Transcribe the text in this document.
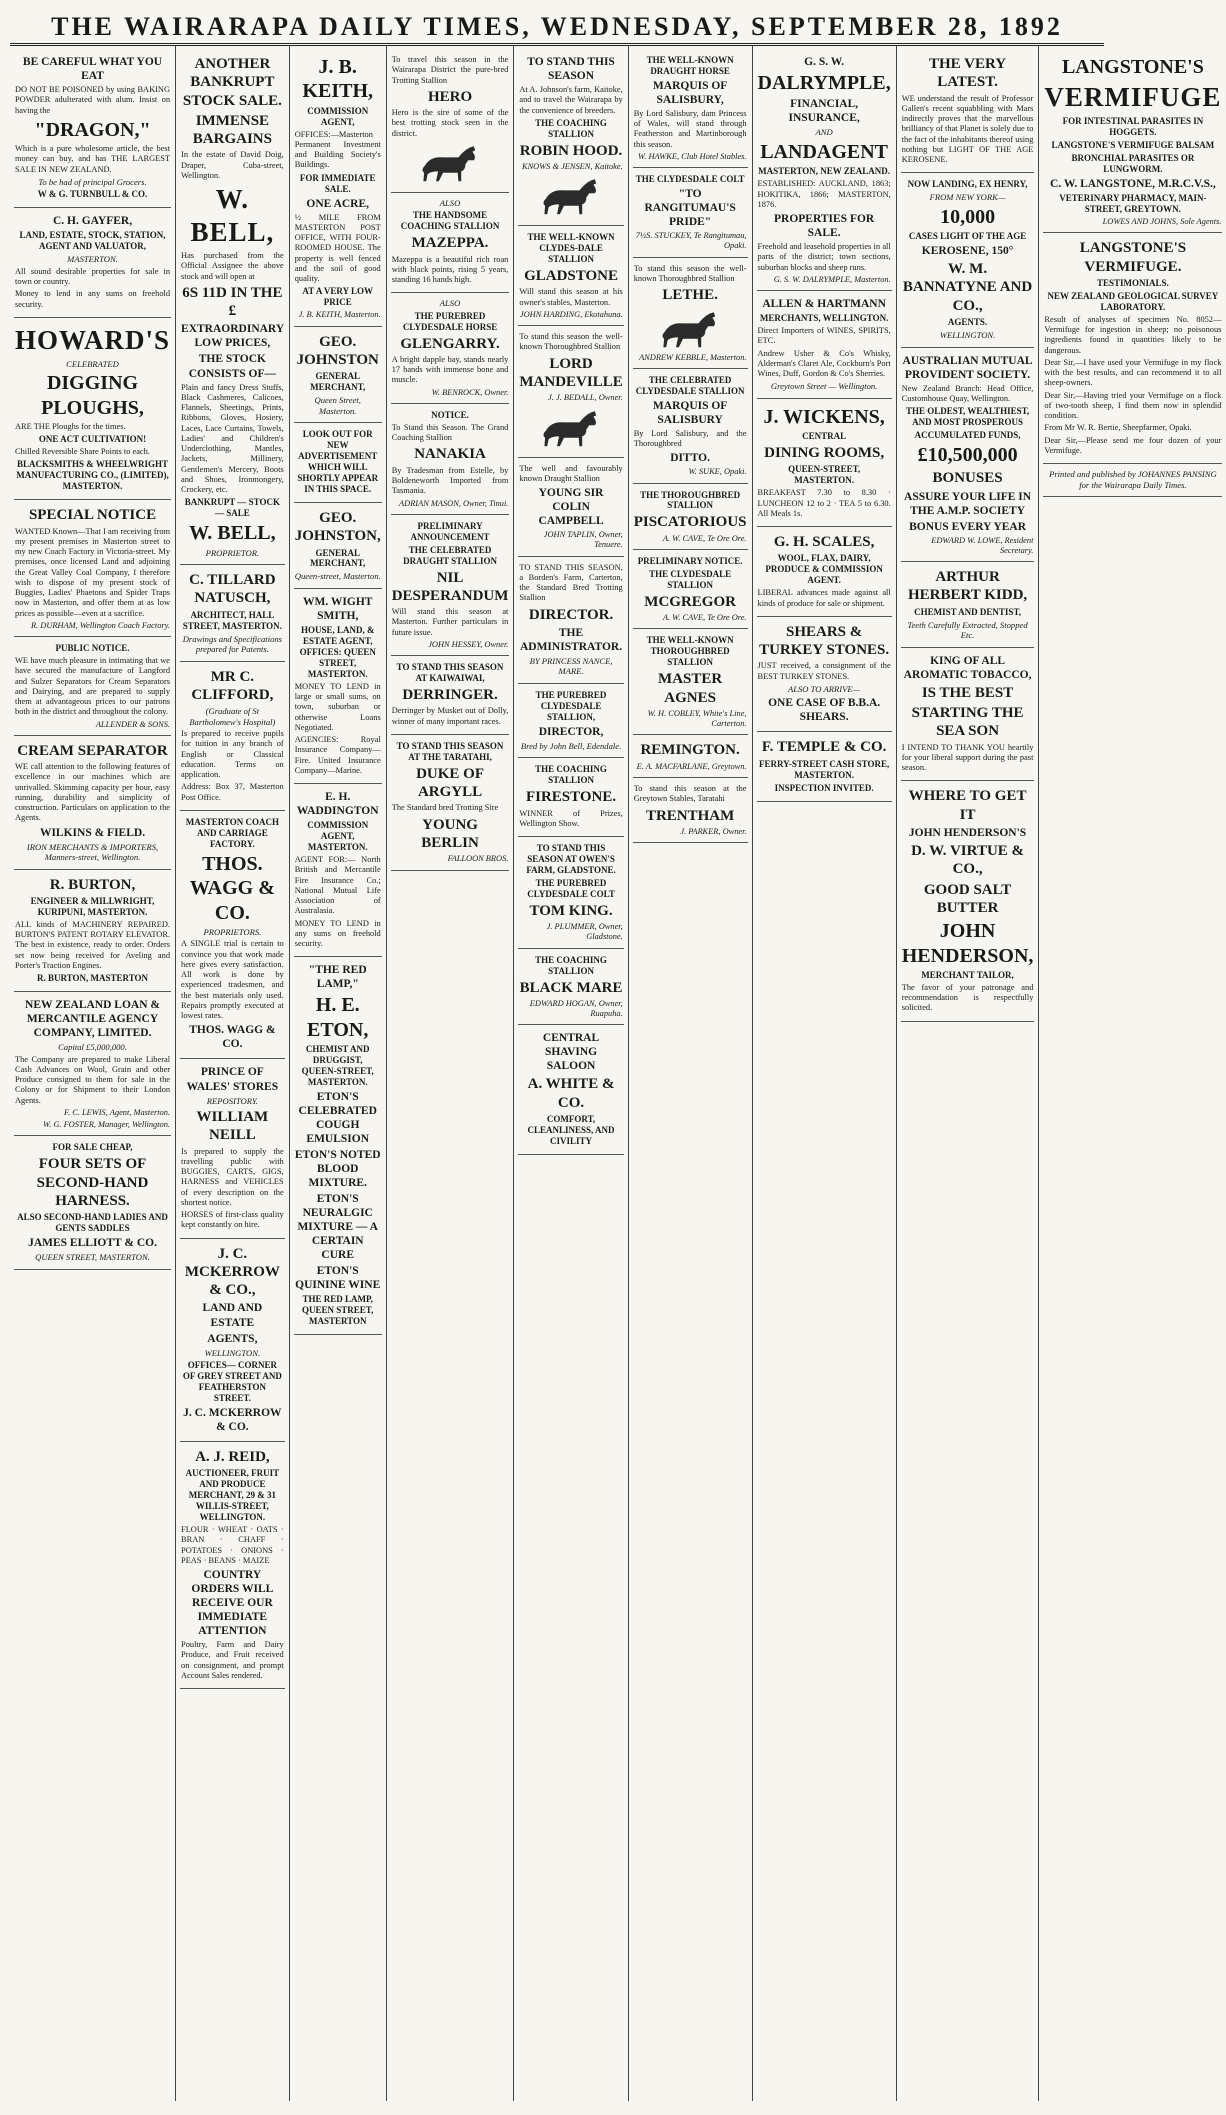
THE WAIRARAPA DAILY TIMES, WEDNESDAY, SEPTEMBER 28, 1892
BE CAREFUL WHAT YOU EAT
DO NOT BE POISONED by using BAKING POWDER adulterated with alum. Insist on having the
"DRAGON,"
Which is a pure wholesome article, the best money can buy, and has THE LARGEST SALE IN NEW ZEALAND.
To be had of principal Grocers.
W & G. TURNBULL & CO.
C. H. GAYFER,
LAND, ESTATE, STOCK, STATION, AGENT AND VALUATOR,
MASTERTON.
All sound desirable properties for sale in town or country.
Money to lend in any sums on freehold security.
HOWARD'S
CELEBRATED
DIGGING PLOUGHS,
ARE THE Ploughs for the times.
ONE ACT CULTIVATION!
Chilled Reversible Share Points to each.
BLACKSMITHS & WHEELWRIGHT MANUFACTURING CO., (LIMITED), MASTERTON.
SPECIAL NOTICE
WANTED Known—That I am receiving from my present premises in Masterton street to my new Coach Factory in Victoria-street. My premises, once licensed Land and adjoining the Great Valley Coal Company, I therefore wish to dispose of my present stock of Buggies, Ladies' Phaetons and Spider Traps now in Masterton, and offer them at as low prices as possible—even at a sacrifice.
R. DURHAM, Wellington Coach Factory.
PUBLIC NOTICE.
WE have much pleasure in intimating that we have secured the manufacture of Langford and Sulzer Separators for Cream Separators and Dairying, and are prepared to supply them at advantageous prices to our patrons both in the district and throughout the colony.
ALLENDER & SONS.
CREAM SEPARATOR
WE call attention to the following features of excellence in our machines which are unrivalled. Skimming capacity per hour, easy running, durability and simplicity of construction. Particulars on application to the Agents.
WILKINS & FIELD.
IRON MERCHANTS & IMPORTERS, Manners-street, Wellington.
R. BURTON,
ENGINEER & MILLWRIGHT, KURIPUNI, MASTERTON.
ALL kinds of MACHINERY REPAIRED. BURTON'S PATENT ROTARY ELEVATOR. The best in existence, ready to order. Orders set now being received for Aveling and Porter's Traction Engines.
R. BURTON, MASTERTON
NEW ZEALAND LOAN & MERCANTILE AGENCY COMPANY, LIMITED.
Capital £5,000,000.
The Company are prepared to make Liberal Cash Advances on Wool, Grain and other Produce consigned to them for sale in the Colony or for Shipment to their London Agents.
F. C. LEWIS, Agent, Masterton.
W. G. FOSTER, Manager, Wellington.
FOR SALE CHEAP,
FOUR SETS OF SECOND-HAND HARNESS.
ALSO SECOND-HAND LADIES AND GENTS SADDLES
JAMES ELLIOTT & CO.
QUEEN STREET, MASTERTON.
ANOTHER BANKRUPT STOCK SALE.
IMMENSE BARGAINS
In the estate of David Doig, Draper, Cuba-street, Wellington.
W. BELL,
Has purchased from the Official Assignee the above stock and will open at
6S 11D IN THE £
EXTRAORDINARY LOW PRICES,
THE STOCK CONSISTS OF—
Plain and fancy Dress Stuffs, Black Cashmeres, Calicoes, Flannels, Sheetings, Prints, Ribbons, Gloves, Hosiery, Laces, Lace Curtains, Towels, Ladies' and Children's Underclothing, Mantles, Jackets, Millinery, Gentlemen's Mercery, Boots and Shoes, Ironmongery, Crockery, etc.
BANKRUPT — STOCK — SALE
W. BELL,
PROPRIETOR.
C. TILLARD NATUSCH,
ARCHITECT, HALL STREET, MASTERTON.
Drawings and Specifications prepared for Patents.
MR C. CLIFFORD,
(Graduate of St Bartholomew's Hospital)
Is prepared to receive pupils for tuition in any branch of English or Classical education. Terms on application.
Address: Box 37, Masterton Post Office.
MASTERTON COACH AND CARRIAGE FACTORY.
THOS. WAGG & CO.
PROPRIETORS.
A SINGLE trial is certain to convince you that work made here gives every satisfaction. All work is done by experienced tradesmen, and the best materials only used. Repairs promptly executed at lowest rates.
THOS. WAGG & CO.
PRINCE OF WALES' STORES
REPOSITORY.
WILLIAM NEILL
Is prepared to supply the travelling public with BUGGIES, CARTS, GIGS, HARNESS and VEHICLES of every description on the shortest notice.
HORSES of first-class quality kept constantly on hire.
J. C. MCKERROW & CO.,
LAND AND ESTATE
AGENTS,
WELLINGTON.
OFFICES— CORNER OF GREY STREET AND FEATHERSTON STREET.
J. C. MCKERROW & CO.
A. J. REID,
AUCTIONEER, FRUIT AND PRODUCE MERCHANT, 29 & 31 WILLIS-STREET, WELLINGTON.
FLOUR · WHEAT · OATS · BRAN · CHAFF · POTATOES · ONIONS · PEAS · BEANS · MAIZE
COUNTRY ORDERS WILL RECEIVE OUR IMMEDIATE ATTENTION
Poultry, Farm and Dairy Produce, and Fruit received on consignment, and prompt Account Sales rendered.
J. B. KEITH,
COMMISSION AGENT,
OFFICES:—Masterton Permanent Investment and Building Society's Buildings.
FOR IMMEDIATE SALE.
ONE ACRE,
½ MILE FROM MASTERTON POST OFFICE, WITH FOUR-ROOMED HOUSE. The property is well fenced and the soil of good quality.
AT A VERY LOW PRICE
J. B. KEITH, Masterton.
GEO. JOHNSTON
GENERAL MERCHANT,
Queen Street, Masterton.
LOOK OUT FOR NEW ADVERTISEMENT WHICH WILL SHORTLY APPEAR IN THIS SPACE.
GEO. JOHNSTON,
GENERAL MERCHANT,
Queen-street, Masterton.
WM. WIGHT SMITH,
HOUSE, LAND, & ESTATE AGENT, OFFICES: QUEEN STREET, MASTERTON.
MONEY TO LEND in large or small sums, on town, suburban or otherwise Loans Negotiated.
AGENCIES: Royal Insurance Company—Fire. United Insurance Company—Marine.
E. H. WADDINGTON
COMMISSION AGENT, MASTERTON.
AGENT FOR:— North British and Mercantile Fire Insurance Co.; National Mutual Life Association of Australasia.
MONEY TO LEND in any sums on freehold security.
"THE RED LAMP,"
H. E. ETON,
CHEMIST AND DRUGGIST, QUEEN-STREET, MASTERTON.
ETON'S CELEBRATED COUGH EMULSION
ETON'S NOTED BLOOD MIXTURE.
ETON'S NEURALGIC MIXTURE — A CERTAIN CURE
ETON'S QUININE WINE
THE RED LAMP, QUEEN STREET, MASTERTON
To travel this season in the Wairarapa District the pure-bred Trotting Stallion
HERO
Hero is the sire of some of the best trotting stock seen in the district.
ALSO
THE HANDSOME COACHING STALLION
MAZEPPA.
Mazeppa is a beautiful rich roan with black points, rising 5 years, standing 16 hands high.
ALSO
THE PUREBRED CLYDESDALE HORSE
GLENGARRY.
A bright dapple bay, stands nearly 17 hands with immense bone and muscle.
W. BENROCK, Owner.
NOTICE.
To Stand this Season. The Grand Coaching Stallion
NANAKIA
By Tradesman from Estelle, by Boldeneworth Imported from Tasmania.
ADRIAN MASON, Owner, Tinui.
PRELIMINARY ANNOUNCEMENT
THE CELEBRATED DRAUGHT STALLION
NIL DESPERANDUM
Will stand this season at Masterton. Further particulars in future issue.
JOHN HESSEY, Owner.
TO STAND THIS SEASON AT KAIWAIWAI,
DERRINGER.
Derringer by Musket out of Dolly, winner of many important races.
TO STAND THIS SEASON AT THE TARATAHI,
DUKE OF ARGYLL
The Standard bred Trotting Sire
YOUNG BERLIN
FALLOON BROS.
TO STAND THIS SEASON
At A. Johnson's farm, Kaitoke, and to travel the Wairarapa by the convenience of breeders.
THE COACHING STALLION
ROBIN HOOD.
KNOWS & JENSEN, Kaitoke.
THE WELL-KNOWN CLYDES-DALE STALLION
GLADSTONE
Will stand this season at his owner's stables, Masterton.
JOHN HARDING, Ekotahuna.
To stand this season the well-known Thoroughbred Stallion
LORD MANDEVILLE
J. J. BEDALL, Owner.
The well and favourably known Draught Stallion
YOUNG SIR COLIN CAMPBELL
JOHN TAPLIN, Owner, Tenuere.
TO STAND THIS SEASON, a Borden's Farm, Carterton, the Standard Bred Trotting Stallion
DIRECTOR.
THE ADMINISTRATOR.
BY PRINCESS NANCE, MARE.
THE PUREBRED CLYDESDALE STALLION,
DIRECTOR,
Bred by John Bell, Edendale.
THE COACHING STALLION
FIRESTONE.
WINNER of Prizes, Wellington Show.
TO STAND THIS SEASON AT OWEN'S FARM, GLADSTONE.
THE PUREBRED CLYDESDALE COLT
TOM KING.
J. PLUMMER, Owner, Gladstone.
THE COACHING STALLION
BLACK MARE
EDWARD HOGAN, Owner, Ruapuha.
CENTRAL SHAVING SALOON
A. WHITE & CO.
COMFORT, CLEANLINESS, AND CIVILITY
THE WELL-KNOWN DRAUGHT HORSE
MARQUIS OF SALISBURY,
By Lord Salisbury, dam Princess of Wales, will stand through Featherston and Martinborough this season.
W. HAWKE, Club Hotel Stables.
THE CLYDESDALE COLT
"TO RANGITUMAU'S PRIDE"
7½S. STUCKEY, Te Rangitumau, Opaki.
To stand this season the well-known Thoroughbred Stallion
LETHE.
ANDREW KEBBLE, Masterton.
THE CELEBRATED CLYDESDALE STALLION
MARQUIS OF SALISBURY
By Lord Salisbury, and the Thoroughbred
DITTO.
W. SUKE, Opaki.
THE THOROUGHBRED STALLION
PISCATORIOUS
A. W. CAVE, Te Ore Ore.
PRELIMINARY NOTICE.
THE CLYDESDALE STALLION
MCGREGOR
A. W. CAVE, Te Ore Ore.
THE WELL-KNOWN THOROUGHBRED STALLION
MASTER AGNES
W. H. COBLEY, White's Line, Carterton.
REMINGTON.
E. A. MACFARLANE, Greytown.
To stand this season at the Greytown Stables, Taratahi
TRENTHAM
J. PARKER, Owner.
G. S. W.
DALRYMPLE,
FINANCIAL, INSURANCE,
AND
LANDAGENT
MASTERTON, NEW ZEALAND.
ESTABLISHED: AUCKLAND, 1863; HOKITIKA, 1866; MASTERTON, 1876.
PROPERTIES FOR SALE.
Freehold and leasehold properties in all parts of the district; town sections, suburban blocks and sheep runs.
G. S. W. DALRYMPLE, Masterton.
ALLEN & HARTMANN
MERCHANTS, WELLINGTON.
Direct Importers of WINES, SPIRITS, ETC.
Andrew Usher & Co's Whisky, Alderman's Claret Ale, Cockburn's Port Wines, Duff, Gordon & Co's Sherries.
Greytown Street — Wellington.
J. WICKENS,
CENTRAL
DINING ROOMS,
QUEEN-STREET, MASTERTON.
BREAKFAST 7.30 to 8.30 · LUNCHEON 12 to 2 · TEA 5 to 6.30. All Meals 1s.
G. H. SCALES,
WOOL, FLAX, DAIRY, PRODUCE & COMMISSION AGENT.
LIBERAL advances made against all kinds of produce for sale or shipment.
SHEARS & TURKEY STONES.
JUST received, a consignment of the BEST TURKEY STONES.
ALSO TO ARRIVE—
ONE CASE OF B.B.A. SHEARS.
F. TEMPLE & CO.
FERRY-STREET CASH STORE, MASTERTON.
INSPECTION INVITED.
THE VERY LATEST.
WE understand the result of Professor Gallen's recent squabbling with Mars indirectly proves that the marvellous brilliancy of that Planet is solely due to the fact of the inhabitants thereof using nothing but LIGHT OF THE AGE KEROSENE.
NOW LANDING, EX HENRY,
FROM NEW YORK—
10,000
CASES LIGHT OF THE AGE
KEROSENE, 150°
W. M. BANNATYNE AND CO.,
AGENTS.
WELLINGTON.
AUSTRALIAN MUTUAL PROVIDENT SOCIETY.
New Zealand Branch: Head Office, Customhouse Quay, Wellington.
THE OLDEST, WEALTHIEST, AND MOST PROSPEROUS
ACCUMULATED FUNDS,
£10,500,000
BONUSES
ASSURE YOUR LIFE IN THE A.M.P. SOCIETY
BONUS EVERY YEAR
EDWARD W. LOWE, Resident Secretary.
ARTHUR HERBERT KIDD,
CHEMIST AND DENTIST,
Teeth Carefully Extracted, Stopped Etc.
KING OF ALL AROMATIC TOBACCO,
IS THE BEST
STARTING THE SEA SON
I INTEND TO THANK YOU heartily for your liberal support during the past season.
WHERE TO GET IT
JOHN HENDERSON'S
D. W. VIRTUE & CO.,
GOOD SALT BUTTER
JOHN HENDERSON,
MERCHANT TAILOR,
The favor of your patronage and recommendation is respectfully solicited.
LANGSTONE'S
VERMIFUGE
FOR INTESTINAL PARASITES IN HOGGETS.
LANGSTONE'S VERMIFUGE BALSAM
BRONCHIAL PARASITES OR LUNGWORM.
C. W. LANGSTONE, M.R.C.V.S.,
VETERINARY PHARMACY, MAIN-STREET, GREYTOWN.
LOWES AND JOHNS, Sole Agents.
LANGSTONE'S VERMIFUGE.
TESTIMONIALS.
NEW ZEALAND GEOLOGICAL SURVEY LABORATORY.
Result of analyses of specimen No. 8052—Vermifuge for ingestion in sheep; no poisonous ingredients found in quantities likely to be dangerous.
Dear Sir,—I have used your Vermifuge in my flock with the best results, and can recommend it to all sheep-owners.
Dear Sir,—Having tried your Vermifuge on a flock of two-tooth sheep, I find them now in splendid condition.
From Mr W. R. Bertie, Sheepfarmer, Opaki.
Dear Sir,—Please send me four dozen of your Vermifuge.
Printed and published by JOHANNES PANSING for the Wairarapa Daily Times.
